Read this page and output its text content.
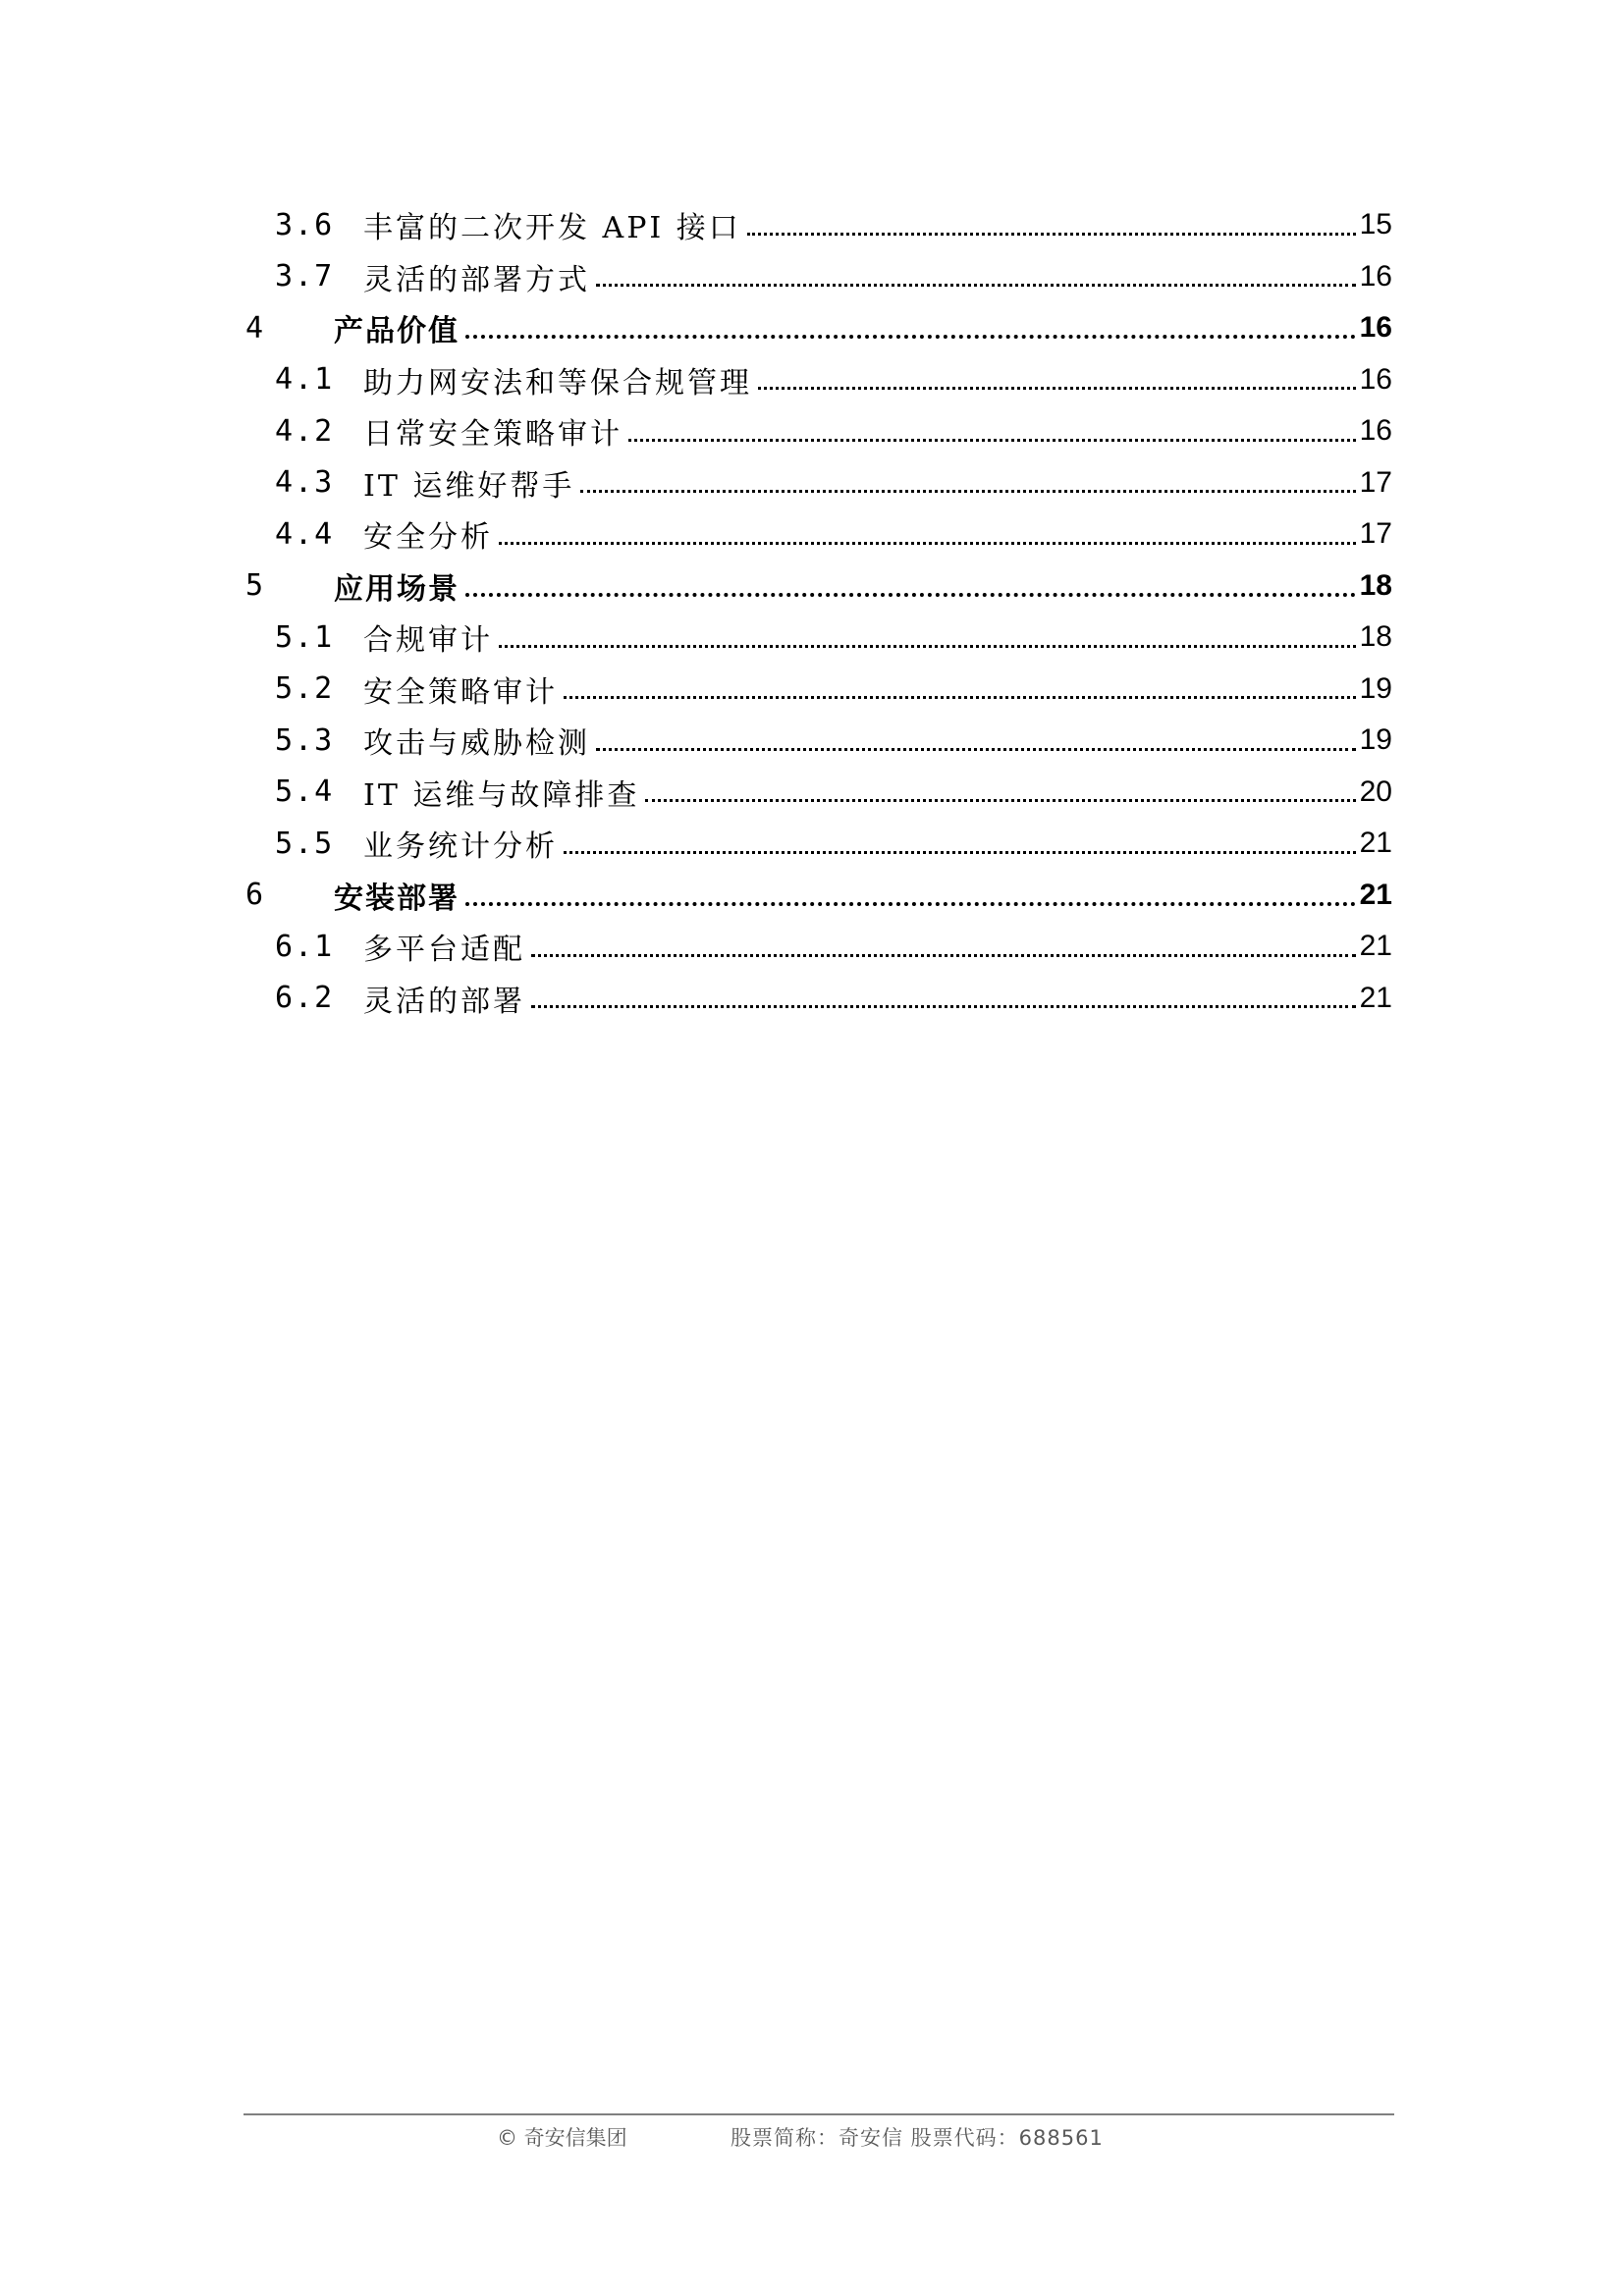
3.6 丰富的二次开发 API 接口	15
3.7 灵活的部署方式	16
4	产品价值	16
4.1 助力网安法和等保合规管理	16
4.2 日常安全策略审计	16
4.3 IT 运维好帮手	17
4.4 安全分析	17
5	应用场景	18
5.1 合规审计	18
5.2 安全策略审计	19
5.3 攻击与威胁检测	19
5.4 IT 运维与故障排查	20
5.5 业务统计分析	21
6	安装部署	21
6.1 多平台适配	21
6.2 灵活的部署	21
© 奇安信集团	股票简称：奇安信 股票代码：688561
